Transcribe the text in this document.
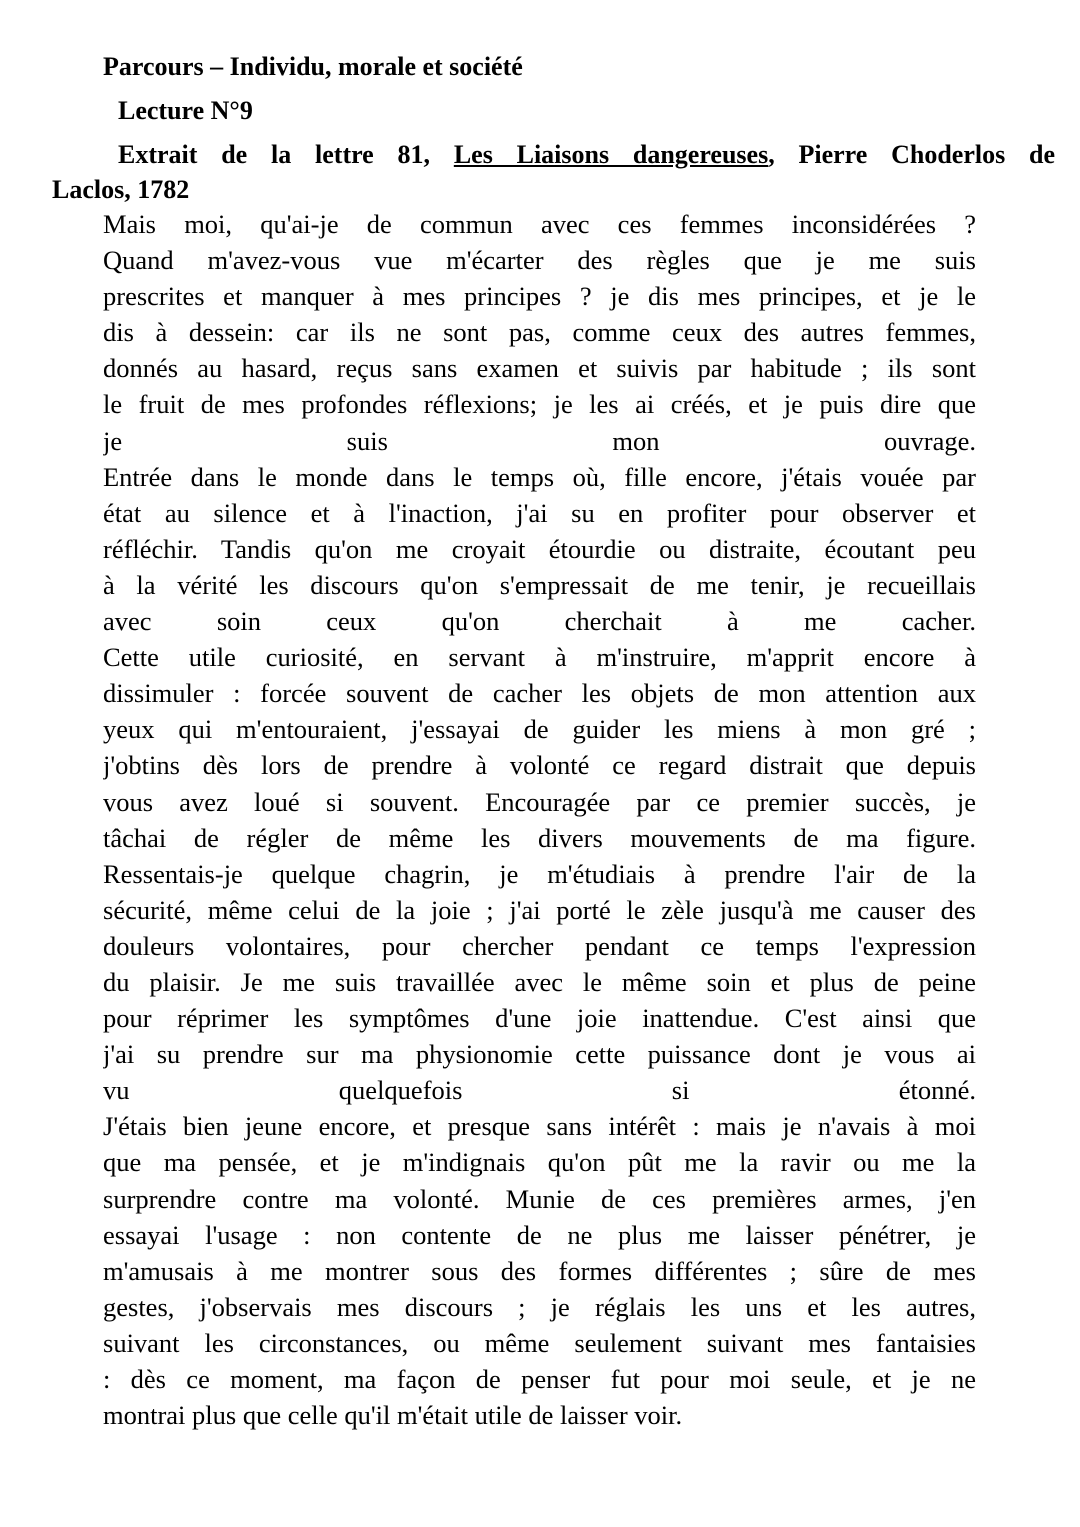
Parcours – Individu, morale et société
Lecture N°9
Extrait de la lettre 81, Les Liaisons dangereuses, Pierre Choderlos de
Laclos, 1782
Mais moi, qu'ai-je de commun avec ces femmes inconsidérées ?
Quand m'avez-vous vue m'écarter des règles que je me suis
prescrites et manquer à mes principes ? je dis mes principes, et je le
dis à dessein: car ils ne sont pas, comme ceux des autres femmes,
donnés au hasard, reçus sans examen et suivis par habitude ; ils sont
le fruit de mes profondes réflexions; je les ai créés, et je puis dire que
je suis mon ouvrage.
Entrée dans le monde dans le temps où, fille encore, j'étais vouée par
état au silence et à l'inaction, j'ai su en profiter pour observer et
réfléchir. Tandis qu'on me croyait étourdie ou distraite, écoutant peu
à la vérité les discours qu'on s'empressait de me tenir, je recueillais
avec soin ceux qu'on cherchait à me cacher.
Cette utile curiosité, en servant à m'instruire, m'apprit encore à
dissimuler : forcée souvent de cacher les objets de mon attention aux
yeux qui m'entouraient, j'essayai de guider les miens à mon gré ;
j'obtins dès lors de prendre à volonté ce regard distrait que depuis
vous avez loué si souvent. Encouragée par ce premier succès, je
tâchai de régler de même les divers mouvements de ma figure.
Ressentais-je quelque chagrin, je m'étudiais à prendre l'air de la
sécurité, même celui de la joie ; j'ai porté le zèle jusqu'à me causer des
douleurs volontaires, pour chercher pendant ce temps l'expression
du plaisir. Je me suis travaillée avec le même soin et plus de peine
pour réprimer les symptômes d'une joie inattendue. C'est ainsi que
j'ai su prendre sur ma physionomie cette puissance dont je vous ai
vu quelquefois si étonné.
J'étais bien jeune encore, et presque sans intérêt : mais je n'avais à moi
que ma pensée, et je m'indignais qu'on pût me la ravir ou me la
surprendre contre ma volonté. Munie de ces premières armes, j'en
essayai l'usage : non contente de ne plus me laisser pénétrer, je
m'amusais à me montrer sous des formes différentes ; sûre de mes
gestes, j'observais mes discours ; je réglais les uns et les autres,
suivant les circonstances, ou même seulement suivant mes fantaisies
: dès ce moment, ma façon de penser fut pour moi seule, et je ne
montrai plus que celle qu'il m'était utile de laisser voir.
